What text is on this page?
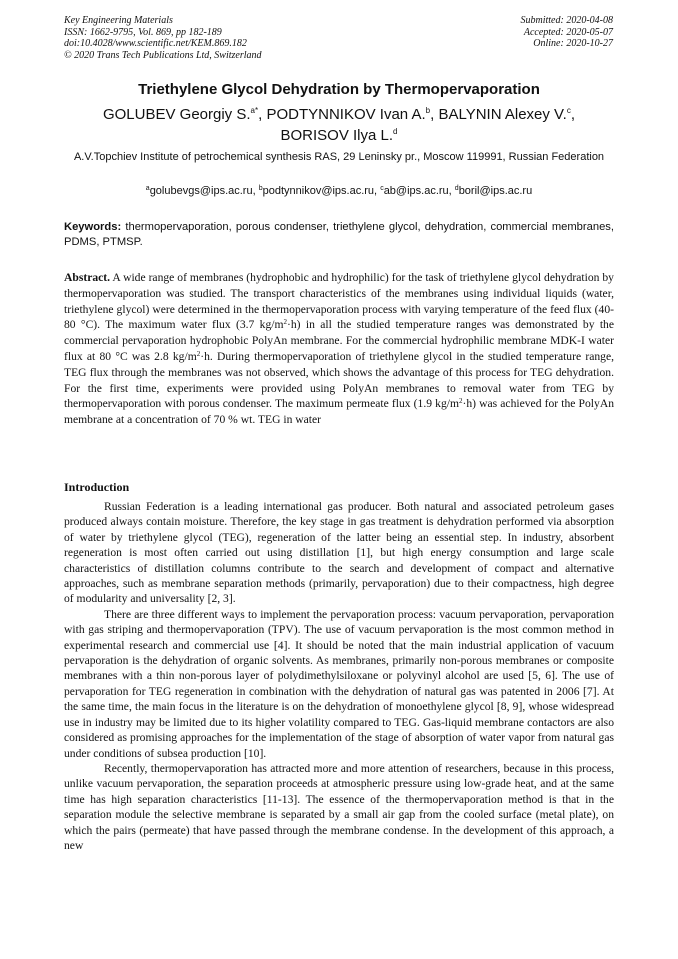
Key Engineering Materials
ISSN: 1662-9795, Vol. 869, pp 182-189
doi:10.4028/www.scientific.net/KEM.869.182
© 2020 Trans Tech Publications Ltd, Switzerland
Submitted: 2020-04-08
Accepted: 2020-05-07
Online: 2020-10-27
Triethylene Glycol Dehydration by Thermopervaporation
GOLUBEV Georgiy S.$^{a*}$, PODTYNNIKOV Ivan A.$^b$, BALYNIN Alexey V.$^c$,
BORISOV Ilya L.$^d$
A.V.Topchiev Institute of petrochemical synthesis RAS, 29 Leninsky pr., Moscow 119991, Russian Federation
$^a$golubevgs@ips.ac.ru, $^b$podtynnikov@ips.ac.ru, $^c$ab@ips.ac.ru, $^d$boril@ips.ac.ru
Keywords: thermopervaporation, porous condenser, triethylene glycol, dehydration, commercial membranes, PDMS, PTMSP.
Abstract. A wide range of membranes (hydrophobic and hydrophilic) for the task of triethylene glycol dehydration by thermopervaporation was studied. The transport characteristics of the membranes using individual liquids (water, triethylene glycol) were determined in the thermopervaporation process with varying temperature of the feed flux (40-80 °C). The maximum water flux (3.7 $kg/m^2\cdot h$) in all the studied temperature ranges was demonstrated by the commercial pervaporation hydrophobic PolyAn membrane. For the commercial hydrophilic membrane MDK-I water flux at 80 °C was 2.8 $kg/m^2\cdot h$. During thermopervaporation of triethylene glycol in the studied temperature range, TEG flux through the membranes was not observed, which shows the advantage of this process for TEG dehydration. For the first time, experiments were provided using PolyAn membranes to removal water from TEG by thermopervaporation with porous condenser. The maximum permeate flux (1.9 $kg/m^2\cdot h$) was achieved for the PolyAn membrane at a concentration of 70 % wt. TEG in water
Introduction

Russian Federation is a leading international gas producer. Both natural and associated petroleum gases produced always contain moisture. Therefore, the key stage in gas treatment is dehydration performed via absorption of water by triethylene glycol (TEG), regeneration of the latter being an essential step. In industry, absorbent regeneration is most often carried out using distillation [1], but high energy consumption and large scale characteristics of distillation columns contribute to the search and development of compact and alternative approaches, such as membrane separation methods (primarily, pervaporation) due to their compactness, high degree of modularity and universality [2, 3].

There are three different ways to implement the pervaporation process: vacuum pervaporation, pervaporation with gas striping and thermopervaporation (TPV). The use of vacuum pervaporation is the most common method in experimental research and commercial use [4]. It should be noted that the main industrial application of vacuum pervaporation is the dehydration of organic solvents. As membranes, primarily non-porous membranes or composite membranes with a thin non-porous layer of polydimethylsiloxane or polyvinyl alcohol are used [5, 6]. The use of pervaporation for TEG regeneration in combination with the dehydration of natural gas was patented in 2006 [7]. At the same time, the main focus in the literature is on the dehydration of monoethylene glycol [8, 9], whose widespread use in industry may be limited due to its higher volatility compared to TEG. Gas-liquid membrane contactors are also considered as promising approaches for the implementation of the stage of absorption of water vapor from natural gas under conditions of subsea production [10].

Recently, thermopervaporation has attracted more and more attention of researchers, because in this process, unlike vacuum pervaporation, the separation proceeds at atmospheric pressure using low-grade heat, and at the same time has high separation characteristics [11-13]. The essence of the thermopervaporation method is that in the separation module the selective membrane is separated by a small air gap from the cooled surface (metal plate), on which the pairs (permeate) that have passed through the membrane condense. In the development of this approach, a new
